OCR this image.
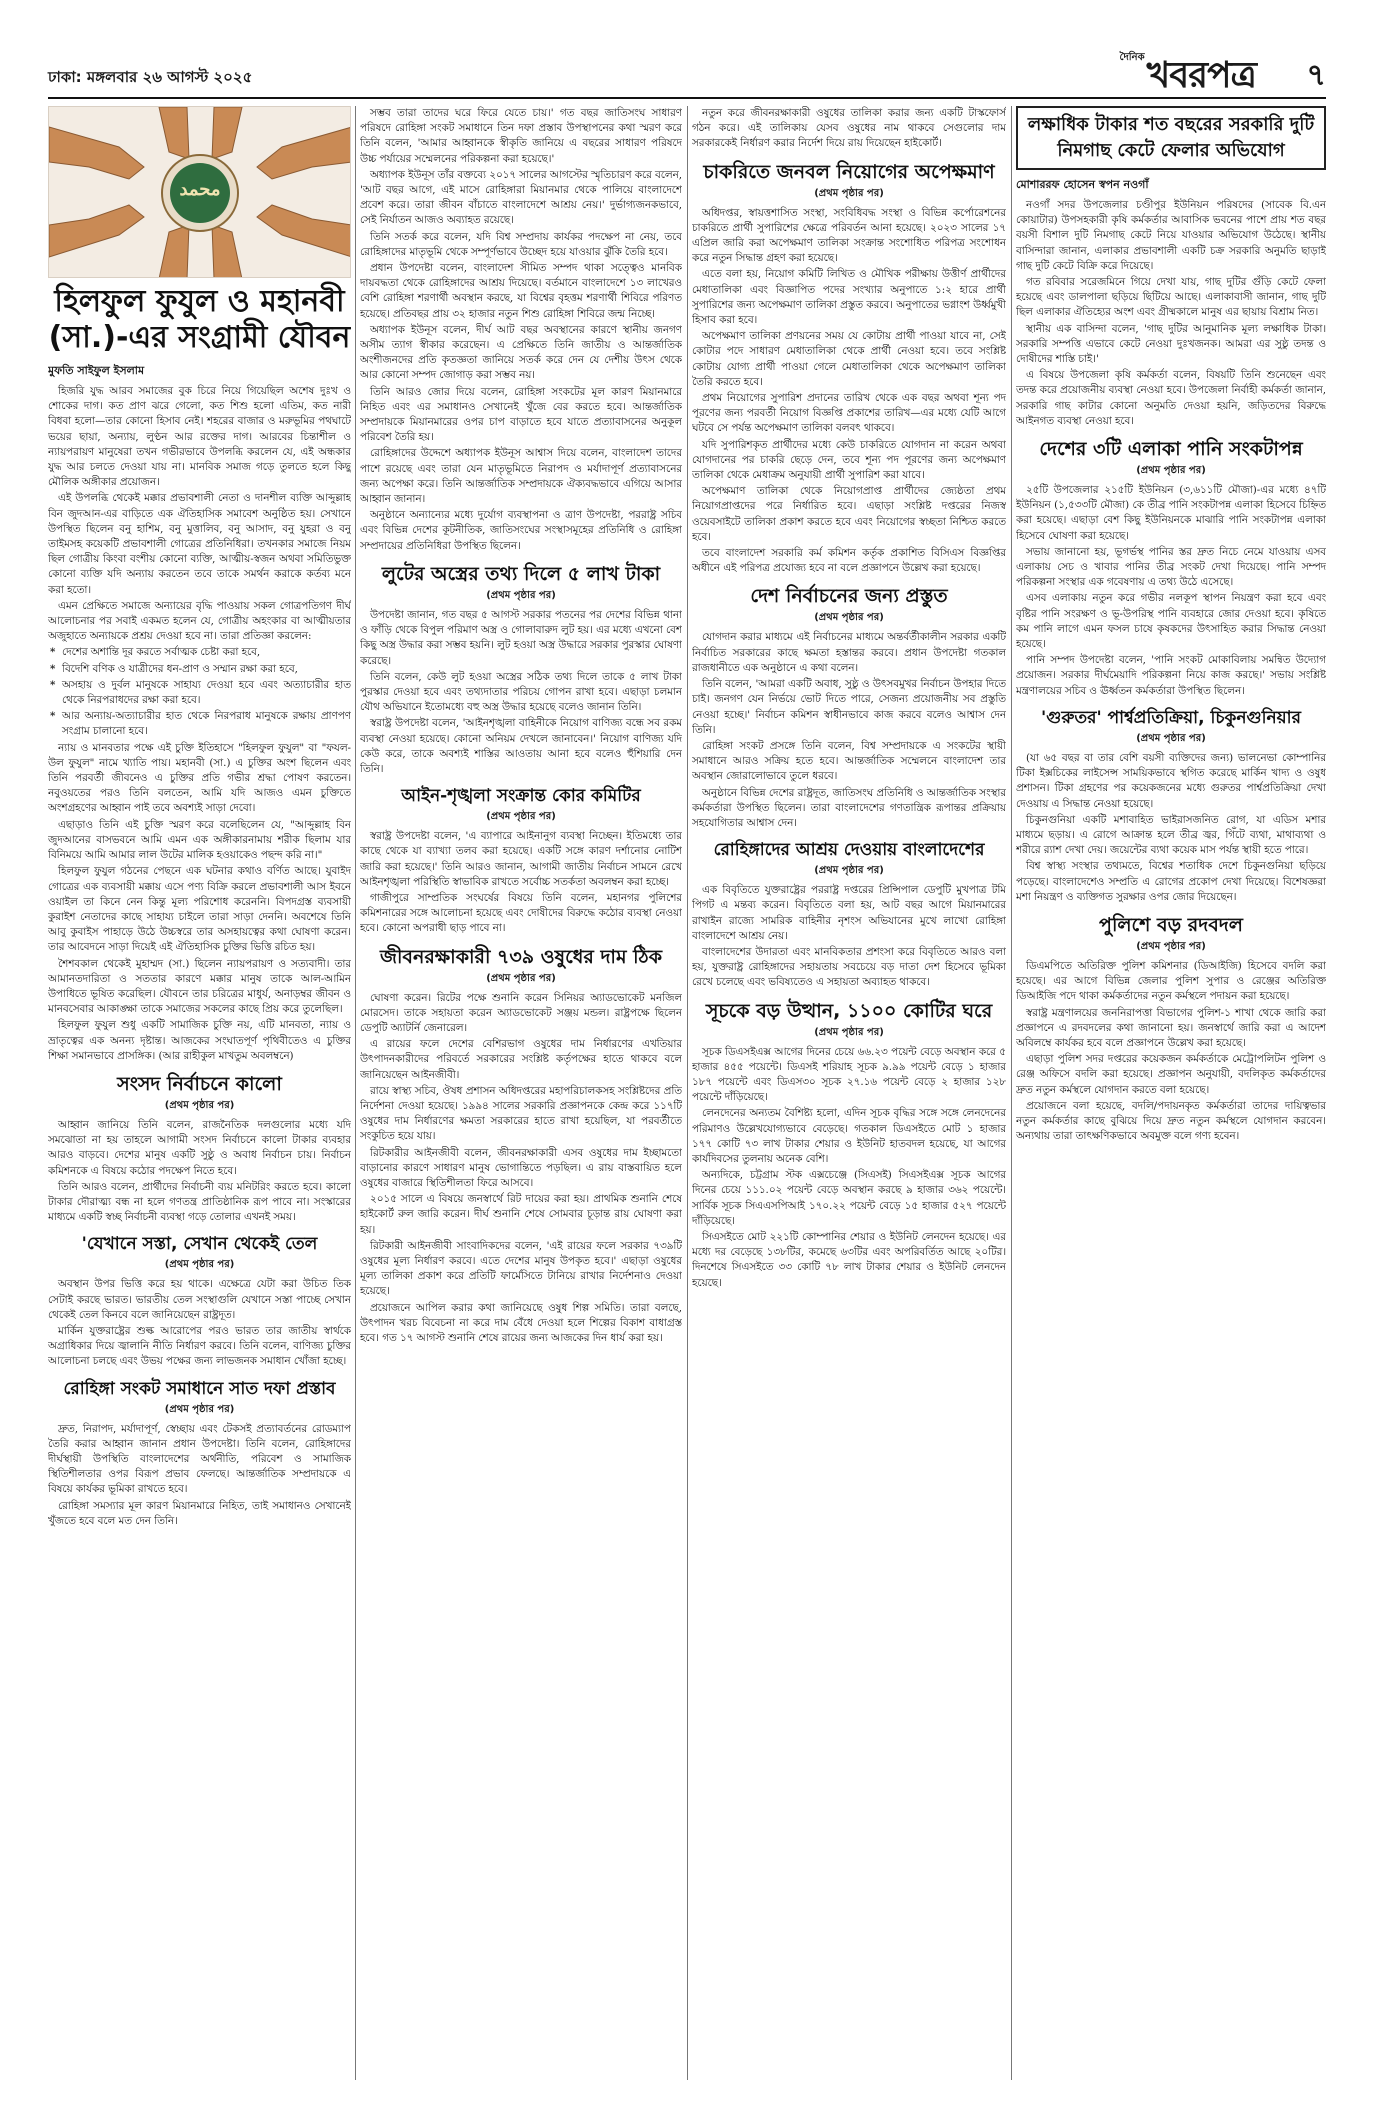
ঢাকা: মঙ্গলবার ২৬ আগস্ট ২০২৫
দৈনিক খবরপত্র ৭
محمد
হিলফুল ফুযুল ও মহানবী (সা.)-এর সংগ্রামী যৌবন
মুফতি সাইফুল ইসলাম

হিজরি যুদ্ধ আরব সমাজের বুক চিরে নিয়ে গিয়েছিল অশেষ দুঃখ ও শোকের দাগ। কত প্রাণ ঝরে গেলো, কত শিশু হলো এতিম, কত নারী বিধবা হলো—তার কোনো হিসাব নেই। শহরের বাজার ও মরুভূমির পথঘাটে ভয়ের ছায়া, অন্যায়, লুণ্ঠন আর রক্তের দাগ। আরবের চিন্তাশীল ও ন্যায়পরায়ণ মানুষেরা তখন গভীরভাবে উপলব্ধি করলেন যে, এই অন্ধকার যুদ্ধ আর চলতে দেওয়া যায় না। মানবিক সমাজ গড়ে তুলতে হলে কিছু মৌলিক অঙ্গীকার প্রয়োজন।

এই উপলব্ধি থেকেই মক্কার প্রভাবশালী নেতা ও দানশীল ব্যক্তি আব্দুল্লাহ বিন জুদআন-এর বাড়িতে এক ঐতিহাসিক সমাবেশ অনুষ্ঠিত হয়। সেখানে উপস্থিত ছিলেন বনু হাশিম, বনু মুত্তালিব, বনু আসাদ, বনু যুহরা ও বনু তাইমসহ কয়েকটি প্রভাবশালী গোত্রের প্রতিনিধিরা। তখনকার সমাজে নিয়ম ছিল গোত্রীয় কিংবা বংশীয় কোনো ব্যক্তি, আত্মীয়-স্বজন অথবা সমিতিভুক্ত কোনো ব্যক্তি যদি অন্যায় করতেন তবে তাকে সমর্থন করাকে কর্তব্য মনে করা হতো।

এমন প্রেক্ষিতে সমাজে অন্যায়ের বৃদ্ধি পাওয়ায় সকল গোত্রপতিগণ দীর্ঘ আলোচনার পর সবাই একমত হলেন যে, গোত্রীয় অহংকার বা আত্মীয়তার অজুহাতে অন্যায়কে প্রশ্রয় দেওয়া হবে না। তারা প্রতিজ্ঞা করলেন:

* দেশের অশান্তি দূর করতে সর্বাত্মক চেষ্টা করা হবে,

* বিদেশি বণিক ও যাত্রীদের ধন-প্রাণ ও সম্মান রক্ষা করা হবে,

* অসহায় ও দুর্বল মানুষকে সাহায্য দেওয়া হবে এবং অত্যাচারীর হাত থেকে নিরপরাধদের রক্ষা করা হবে।

* আর অন্যায়-অত্যাচারীর হাত থেকে নিরপরাধ মানুষকে রক্ষায় প্রাণপণ সংগ্রাম চালানো হবে।

ন্যায় ও মানবতার পক্ষে এই চুক্তি ইতিহাসে "হিলফুল ফুযুল" বা "ফযল-উল ফুযুল" নামে খ্যাতি পায়। মহানবী (সা.) এ চুক্তির অংশ ছিলেন এবং তিনি পরবর্তী জীবনেও এ চুক্তির প্রতি গভীর শ্রদ্ধা পোষণ করতেন। নবুওয়তের পরও তিনি বলতেন, আমি যদি আজও এমন চুক্তিতে অংশগ্রহণের আহ্বান পাই তবে অবশ্যই সাড়া দেবো।

এছাড়াও তিনি এই চুক্তি স্মরণ করে বলেছিলেন যে, "আব্দুল্লাহ বিন জুদআনের বাসভবনে আমি এমন এক অঙ্গীকারনামায় শরীক ছিলাম যার বিনিময়ে আমি আমার লাল উটের মালিক হওয়াকেও পছন্দ করি না।"

হিলফুল ফুযুল গঠনের পেছনে এক ঘটনার কথাও বর্ণিত আছে। যুবাইদ গোত্রের এক ব্যবসায়ী মক্কায় এসে পণ্য বিক্রি করলে প্রভাবশালী আস ইবনে ওয়াইল তা কিনে নেন কিন্তু মূল্য পরিশোধ করেননি। বিপদগ্রস্ত ব্যবসায়ী কুরাইশ নেতাদের কাছে সাহায্য চাইলে তারা সাড়া দেননি। অবশেষে তিনি আবু কুবাইস পাহাড়ে উঠে উচ্চস্বরে তার অসহায়ত্বের কথা ঘোষণা করেন। তার আবেদনে সাড়া দিয়েই এই ঐতিহাসিক চুক্তির ভিত্তি রচিত হয়।

শৈশবকাল থেকেই মুহাম্মদ (সা.) ছিলেন ন্যায়পরায়ণ ও সত্যবাদী। তার আমানতদারিতা ও সততার কারণে মক্কার মানুষ তাকে আল-আমিন উপাধিতে ভূষিত করেছিল। যৌবনে তার চরিত্রের মাধুর্য, অনাড়ম্বর জীবন ও মানবসেবার আকাঙ্ক্ষা তাকে সমাজের সকলের কাছে প্রিয় করে তুলেছিল।

হিলফুল ফুযুল শুধু একটি সামাজিক চুক্তি নয়, এটি মানবতা, ন্যায় ও ভ্রাতৃত্বের এক অনন্য দৃষ্টান্ত। আজকের সংঘাতপূর্ণ পৃথিবীতেও এ চুক্তির শিক্ষা সমানভাবে প্রাসঙ্গিক। (আর রাহীকুল মাখতুম অবলম্বনে)

সংসদ নির্বাচনে কালো
(প্রথম পৃষ্ঠার পর)

আহ্বান জানিয়ে তিনি বলেন, রাজনৈতিক দলগুলোর মধ্যে যদি সমঝোতা না হয় তাহলে আগামী সংসদ নির্বাচনে কালো টাকার ব্যবহার আরও বাড়বে। দেশের মানুষ একটি সুষ্ঠু ও অবাধ নির্বাচন চায়। নির্বাচন কমিশনকে এ বিষয়ে কঠোর পদক্ষেপ নিতে হবে।

তিনি আরও বলেন, প্রার্থীদের নির্বাচনী ব্যয় মনিটরিং করতে হবে। কালো টাকার দৌরাত্ম্য বন্ধ না হলে গণতন্ত্র প্রাতিষ্ঠানিক রূপ পাবে না। সংস্কারের মাধ্যমে একটি স্বচ্ছ নির্বাচনী ব্যবস্থা গড়ে তোলার এখনই সময়।

'যেখানে সস্তা, সেখান থেকেই তেল
(প্রথম পৃষ্ঠার পর)

অবস্থান উপর ভিত্তি করে হয় থাকে। এক্ষেত্রে যেটা করা উচিত তিক সেটাই করছে ভারত। ভারতীয় তেল সংস্থাগুলি যেখানে সস্তা পাচ্ছে সেখান থেকেই তেল কিনবে বলে জানিয়েছেন রাষ্ট্রদূত।

মার্কিন যুক্তরাষ্ট্রের শুল্ক আরোপের পরও ভারত তার জাতীয় স্বার্থকে অগ্রাধিকার দিয়ে জ্বালানি নীতি নির্ধারণ করবে। তিনি বলেন, বাণিজ্য চুক্তির আলোচনা চলছে এবং উভয় পক্ষের জন্য লাভজনক সমাধান খোঁজা হচ্ছে।

রোহিঙ্গা সংকট সমাধানে সাত দফা প্রস্তাব
(প্রথম পৃষ্ঠার পর)

দ্রুত, নিরাপদ, মর্যাদাপূর্ণ, স্বেচ্ছায় এবং টেকসই প্রত্যাবর্তনের রোডম্যাপ তৈরি করার আহ্বান জানান প্রধান উপদেষ্টা। তিনি বলেন, রোহিঙ্গাদের দীর্ঘস্থায়ী উপস্থিতি বাংলাদেশের অর্থনীতি, পরিবেশ ও সামাজিক স্থিতিশীলতার ওপর বিরূপ প্রভাব ফেলছে। আন্তর্জাতিক সম্প্রদায়কে এ বিষয়ে কার্যকর ভূমিকা রাখতে হবে।

রোহিঙ্গা সমস্যার মূল কারণ মিয়ানমারে নিহিত, তাই সমাধানও সেখানেই খুঁজতে হবে বলে মত দেন তিনি।

সম্ভব তারা তাদের ঘরে ফিরে যেতে চায়।' গত বছর জাতিসংঘ সাধারণ পরিষদে রোহিঙ্গা সংকট সমাধানে তিন দফা প্রস্তাব উপস্থাপনের কথা স্মরণ করে তিনি বলেন, 'আমার আহ্বানকে স্বীকৃতি জানিয়ে এ বছরের সাধারণ পরিষদে উচ্চ পর্যায়ের সম্মেলনের পরিকল্পনা করা হয়েছে।'

অধ্যাপক ইউনূস তাঁর বক্তব্যে ২০১৭ সালের আগস্টের স্মৃতিচারণ করে বলেন, 'আট বছর আগে, এই মাসে রোহিঙ্গারা মিয়ানমার থেকে পালিয়ে বাংলাদেশে প্রবেশ করে। তারা জীবন বাঁচাতে বাংলাদেশে আশ্রয় নেয়।' দুর্ভাগ্যজনকভাবে, সেই নির্যাতন আজও অব্যাহত রয়েছে।

তিনি সতর্ক করে বলেন, যদি বিশ্ব সম্প্রদায় কার্যকর পদক্ষেপ না নেয়, তবে রোহিঙ্গাদের মাতৃভূমি থেকে সম্পূর্ণভাবে উচ্ছেদ হয়ে যাওয়ার ঝুঁকি তৈরি হবে।

প্রধান উপদেষ্টা বলেন, বাংলাদেশ সীমিত সম্পদ থাকা সত্ত্বেও মানবিক দায়বদ্ধতা থেকে রোহিঙ্গাদের আশ্রয় দিয়েছে। বর্তমানে বাংলাদেশে ১৩ লাখেরও বেশি রোহিঙ্গা শরণার্থী অবস্থান করছে, যা বিশ্বের বৃহত্তম শরণার্থী শিবিরে পরিণত হয়েছে। প্রতিবছর প্রায় ৩২ হাজার নতুন শিশু রোহিঙ্গা শিবিরে জন্ম নিচ্ছে।

অধ্যাপক ইউনূস বলেন, দীর্ঘ আট বছর অবস্থানের কারণে স্থানীয় জনগণ অসীম ত্যাগ স্বীকার করেছেন। এ প্রেক্ষিতে তিনি জাতীয় ও আন্তর্জাতিক অংশীজনদের প্রতি কৃতজ্ঞতা জানিয়ে সতর্ক করে দেন যে দেশীয় উৎস থেকে আর কোনো সম্পদ জোগাড় করা সম্ভব নয়।

তিনি আরও জোর দিয়ে বলেন, রোহিঙ্গা সংকটের মূল কারণ মিয়ানমারে নিহিত এবং এর সমাধানও সেখানেই খুঁজে বের করতে হবে। আন্তর্জাতিক সম্প্রদায়কে মিয়ানমারের ওপর চাপ বাড়াতে হবে যাতে প্রত্যাবাসনের অনুকূল পরিবেশ তৈরি হয়।

রোহিঙ্গাদের উদ্দেশে অধ্যাপক ইউনূস আশ্বাস দিয়ে বলেন, বাংলাদেশ তাদের পাশে রয়েছে এবং তারা যেন মাতৃভূমিতে নিরাপদ ও মর্যাদাপূর্ণ প্রত্যাবাসনের জন্য অপেক্ষা করে। তিনি আন্তর্জাতিক সম্প্রদায়কে ঐক্যবদ্ধভাবে এগিয়ে আসার আহ্বান জানান।

অনুষ্ঠানে অন্যান্যের মধ্যে দুর্যোগ ব্যবস্থাপনা ও ত্রাণ উপদেষ্টা, পররাষ্ট্র সচিব এবং বিভিন্ন দেশের কূটনীতিক, জাতিসংঘের সংস্থাসমূহের প্রতিনিধি ও রোহিঙ্গা সম্প্রদায়ের প্রতিনিধিরা উপস্থিত ছিলেন।

লুটের অস্ত্রের তথ্য দিলে ৫ লাখ টাকা
(প্রথম পৃষ্ঠার পর)

উপদেষ্টা জানান, গত বছর ৫ আগস্ট সরকার পতনের পর দেশের বিভিন্ন থানা ও ফাঁড়ি থেকে বিপুল পরিমাণ অস্ত্র ও গোলাবারুদ লুট হয়। এর মধ্যে এখনো বেশ কিছু অস্ত্র উদ্ধার করা সম্ভব হয়নি। লুট হওয়া অস্ত্র উদ্ধারে সরকার পুরস্কার ঘোষণা করেছে।

তিনি বলেন, কেউ লুট হওয়া অস্ত্রের সঠিক তথ্য দিলে তাকে ৫ লাখ টাকা পুরস্কার দেওয়া হবে এবং তথ্যদাতার পরিচয় গোপন রাখা হবে। এছাড়া চলমান যৌথ অভিযানে ইতোমধ্যে বহু অস্ত্র উদ্ধার হয়েছে বলেও জানান তিনি।

স্বরাষ্ট্র উপদেষ্টা বলেন, 'আইনশৃঙ্খলা বাহিনীকে নিয়োগ বাণিজ্য বন্ধে সব রকম ব্যবস্থা নেওয়া হয়েছে। কোনো অনিয়ম দেখলে জানাবেন।' নিয়োগ বাণিজ্য যদি কেউ করে, তাকে অবশ্যই শাস্তির আওতায় আনা হবে বলেও হুঁশিয়ারি দেন তিনি।

আইন-শৃঙ্খলা সংক্রান্ত কোর কমিটির
(প্রথম পৃষ্ঠার পর)

স্বরাষ্ট্র উপদেষ্টা বলেন, 'এ ব্যাপারে আইনানুগ ব্যবস্থা নিচ্ছেন। ইতিমধ্যে তার কাছে থেকে যা ব্যাখ্যা তলব করা হয়েছে। একটি সঙ্গে কারণ দর্শানোর নোটিশ জারি করা হয়েছে।' তিনি আরও জানান, আগামী জাতীয় নির্বাচন সামনে রেখে আইনশৃঙ্খলা পরিস্থিতি স্বাভাবিক রাখতে সর্বোচ্চ সতর্কতা অবলম্বন করা হচ্ছে।

গাজীপুরে সাম্প্রতিক সংঘর্ষের বিষয়ে তিনি বলেন, মহানগর পুলিশের কমিশনারের সঙ্গে আলোচনা হয়েছে এবং দোষীদের বিরুদ্ধে কঠোর ব্যবস্থা নেওয়া হবে। কোনো অপরাধী ছাড় পাবে না।

জীবনরক্ষাকারী ৭৩৯ ওষুধের দাম ঠিক
(প্রথম পৃষ্ঠার পর)

ঘোষণা করেন। রিটের পক্ষে শুনানি করেন সিনিয়র অ্যাডভোকেট মনজিল মোরসেদ। তাকে সহায়তা করেন অ্যাডভোকেট সঞ্জয় মন্ডল। রাষ্ট্রপক্ষে ছিলেন ডেপুটি অ্যাটর্নি জেনারেল।

এ রায়ের ফলে দেশের বেশিরভাগ ওষুধের দাম নির্ধারণের এখতিয়ার উৎপাদনকারীদের পরিবর্তে সরকারের সংশ্লিষ্ট কর্তৃপক্ষের হাতে থাকবে বলে জানিয়েছেন আইনজীবী।

রায়ে স্বাস্থ্য সচিব, ঔষধ প্রশাসন অধিদপ্তরের মহাপরিচালকসহ সংশ্লিষ্টদের প্রতি নির্দেশনা দেওয়া হয়েছে। ১৯৯৪ সালের সরকারি প্রজ্ঞাপনকে কেন্দ্র করে ১১৭টি ওষুধের দাম নির্ধারণের ক্ষমতা সরকারের হাতে রাখা হয়েছিল, যা পরবর্তীতে সংকুচিত হয়ে যায়।

রিটকারীর আইনজীবী বলেন, জীবনরক্ষাকারী এসব ওষুধের দাম ইচ্ছামতো বাড়ানোর কারণে সাধারণ মানুষ ভোগান্তিতে পড়ছিল। এ রায় বাস্তবায়িত হলে ওষুধের বাজারে স্থিতিশীলতা ফিরে আসবে।

২০১৫ সালে এ বিষয়ে জনস্বার্থে রিট দায়ের করা হয়। প্রাথমিক শুনানি শেষে হাইকোর্ট রুল জারি করেন। দীর্ঘ শুনানি শেষে সোমবার চূড়ান্ত রায় ঘোষণা করা হয়।

রিটকারী আইনজীবী সাংবাদিকদের বলেন, 'এই রায়ের ফলে সরকার ৭৩৯টি ওষুধের মূল্য নির্ধারণ করবে। এতে দেশের মানুষ উপকৃত হবে।' এছাড়া ওষুধের মূল্য তালিকা প্রকাশ করে প্রতিটি ফার্মেসিতে টানিয়ে রাখার নির্দেশনাও দেওয়া হয়েছে।

প্রয়োজনে আপিল করার কথা জানিয়েছে ওষুধ শিল্প সমিতি। তারা বলছে, উৎপাদন খরচ বিবেচনা না করে দাম বেঁধে দেওয়া হলে শিল্পের বিকাশ বাধাগ্রস্ত হবে। গত ১৭ আগস্ট শুনানি শেষে রায়ের জন্য আজকের দিন ধার্য করা হয়।

নতুন করে জীবনরক্ষাকারী ওষুধের তালিকা করার জন্য একটি টাস্কফোর্স গঠন করে। এই তালিকায় যেসব ওষুধের নাম থাকবে সেগুলোর দাম সরকারকেই নির্ধারণ করার নির্দেশ দিয়ে রায় দিয়েছেন হাইকোর্ট।

চাকরিতে জনবল নিয়োগের অপেক্ষমাণ
(প্রথম পৃষ্ঠার পর)

অধিদপ্তর, স্বায়ত্তশাসিত সংস্থা, সংবিধিবদ্ধ সংস্থা ও বিভিন্ন কর্পোরেশনের চাকরিতে প্রার্থী সুপারিশের ক্ষেত্রে পরিবর্তন আনা হয়েছে। ২০২৩ সালের ১৭ এপ্রিল জারি করা অপেক্ষমাণ তালিকা সংক্রান্ত সংশোধিত পরিপত্র সংশোধন করে নতুন সিদ্ধান্ত গ্রহণ করা হয়েছে।

এতে বলা হয়, নিয়োগ কমিটি লিখিত ও মৌখিক পরীক্ষায় উত্তীর্ণ প্রার্থীদের মেধাতালিকা এবং বিজ্ঞাপিত পদের সংখ্যার অনুপাতে ১:২ হারে প্রার্থী সুপারিশের জন্য অপেক্ষমাণ তালিকা প্রস্তুত করবে। অনুপাতের ভগ্নাংশ উর্ধ্বমুখী হিসাব করা হবে।

অপেক্ষমাণ তালিকা প্রণয়নের সময় যে কোটায় প্রার্থী পাওয়া যাবে না, সেই কোটার পদে সাধারণ মেধাতালিকা থেকে প্রার্থী নেওয়া হবে। তবে সংশ্লিষ্ট কোটায় যোগ্য প্রার্থী পাওয়া গেলে মেধাতালিকা থেকে অপেক্ষমাণ তালিকা তৈরি করতে হবে।

প্রথম নিয়োগের সুপারিশ প্রদানের তারিখ থেকে এক বছর অথবা শূন্য পদ পূরণের জন্য পরবর্তী নিয়োগ বিজ্ঞপ্তি প্রকাশের তারিখ—এর মধ্যে যেটি আগে ঘটবে সে পর্যন্ত অপেক্ষমাণ তালিকা বলবৎ থাকবে।

যদি সুপারিশকৃত প্রার্থীদের মধ্যে কেউ চাকরিতে যোগদান না করেন অথবা যোগদানের পর চাকরি ছেড়ে দেন, তবে শূন্য পদ পূরণের জন্য অপেক্ষমাণ তালিকা থেকে মেধাক্রম অনুযায়ী প্রার্থী সুপারিশ করা যাবে।

অপেক্ষমাণ তালিকা থেকে নিয়োগপ্রাপ্ত প্রার্থীদের জ্যেষ্ঠতা প্রথম নিয়োগপ্রাপ্তদের পরে নির্ধারিত হবে। এছাড়া সংশ্লিষ্ট দপ্তরের নিজস্ব ওয়েবসাইটে তালিকা প্রকাশ করতে হবে এবং নিয়োগের স্বচ্ছতা নিশ্চিত করতে হবে।

তবে বাংলাদেশ সরকারি কর্ম কমিশন কর্তৃক প্রকাশিত বিসিএস বিজ্ঞপ্তির অধীনে এই পরিপত্র প্রযোজ্য হবে না বলে প্রজ্ঞাপনে উল্লেখ করা হয়েছে।

দেশ নির্বাচনের জন্য প্রস্তুত
(প্রথম পৃষ্ঠার পর)

যোগদান করার মাধ্যমে এই নির্বাচনের মাধ্যমে অন্তর্বর্তীকালীন সরকার একটি নির্বাচিত সরকারের কাছে ক্ষমতা হস্তান্তর করবে। প্রধান উপদেষ্টা গতকাল রাজধানীতে এক অনুষ্ঠানে এ কথা বলেন।

তিনি বলেন, 'আমরা একটি অবাধ, সুষ্ঠু ও উৎসবমুখর নির্বাচন উপহার দিতে চাই। জনগণ যেন নির্ভয়ে ভোট দিতে পারে, সেজন্য প্রয়োজনীয় সব প্রস্তুতি নেওয়া হচ্ছে।' নির্বাচন কমিশন স্বাধীনভাবে কাজ করবে বলেও আশ্বাস দেন তিনি।

রোহিঙ্গা সংকট প্রসঙ্গে তিনি বলেন, বিশ্ব সম্প্রদায়কে এ সংকটের স্থায়ী সমাধানে আরও সক্রিয় হতে হবে। আন্তর্জাতিক সম্মেলনে বাংলাদেশ তার অবস্থান জোরালোভাবে তুলে ধরবে।

অনুষ্ঠানে বিভিন্ন দেশের রাষ্ট্রদূত, জাতিসংঘ প্রতিনিধি ও আন্তর্জাতিক সংস্থার কর্মকর্তারা উপস্থিত ছিলেন। তারা বাংলাদেশের গণতান্ত্রিক রূপান্তর প্রক্রিয়ায় সহযোগিতার আশ্বাস দেন।

রোহিঙ্গাদের আশ্রয় দেওয়ায় বাংলাদেশের
(প্রথম পৃষ্ঠার পর)

এক বিবৃতিতে যুক্তরাষ্ট্রের পররাষ্ট্র দপ্তরের প্রিন্সিপাল ডেপুটি মুখপাত্র টমি পিগট এ মন্তব্য করেন। বিবৃতিতে বলা হয়, আট বছর আগে মিয়ানমারের রাখাইন রাজ্যে সামরিক বাহিনীর নৃশংস অভিযানের মুখে লাখো রোহিঙ্গা বাংলাদেশে আশ্রয় নেয়।

বাংলাদেশের উদারতা এবং মানবিকতার প্রশংসা করে বিবৃতিতে আরও বলা হয়, যুক্তরাষ্ট্র রোহিঙ্গাদের সহায়তায় সবচেয়ে বড় দাতা দেশ হিসেবে ভূমিকা রেখে চলেছে এবং ভবিষ্যতেও এ সহায়তা অব্যাহত থাকবে।

সূচকে বড় উত্থান, ১১০০ কোটির ঘরে
(প্রথম পৃষ্ঠার পর)

সূচক ডিএসইএক্স আগের দিনের চেয়ে ৬৬.২৩ পয়েন্ট বেড়ে অবস্থান করে ৫ হাজার ৪৫৫ পয়েন্টে। ডিএসই শরিয়াহ সূচক ৯.৯৯ পয়েন্ট বেড়ে ১ হাজার ১৮৭ পয়েন্টে এবং ডিএস৩০ সূচক ২৭.১৬ পয়েন্ট বেড়ে ২ হাজার ১২৮ পয়েন্টে দাঁড়িয়েছে।

লেনদেনের অন্যতম বৈশিষ্ট্য হলো, এদিন সূচক বৃদ্ধির সঙ্গে সঙ্গে লেনদেনের পরিমাণও উল্লেখযোগ্যভাবে বেড়েছে। গতকাল ডিএসইতে মোট ১ হাজার ১৭৭ কোটি ৭৩ লাখ টাকার শেয়ার ও ইউনিট হাতবদল হয়েছে, যা আগের কার্যদিবসের তুলনায় অনেক বেশি।

অন্যদিকে, চট্টগ্রাম স্টক এক্সচেঞ্জে (সিএসই) সিএসইএক্স সূচক আগের দিনের চেয়ে ১১১.০২ পয়েন্ট বেড়ে অবস্থান করছে ৯ হাজার ৩৬২ পয়েন্টে। সার্বিক সূচক সিএএসপিআই ১৭০.২২ পয়েন্ট বেড়ে ১৫ হাজার ৫২৭ পয়েন্টে দাঁড়িয়েছে।

সিএসইতে মোট ২২১টি কোম্পানির শেয়ার ও ইউনিট লেনদেন হয়েছে। এর মধ্যে দর বেড়েছে ১৩৮টির, কমেছে ৬৩টির এবং অপরিবর্তিত আছে ২০টির। দিনশেষে সিএসইতে ৩৩ কোটি ৭৮ লাখ টাকার শেয়ার ও ইউনিট লেনদেন হয়েছে।

লক্ষাধিক টাকার শত বছরের সরকারি দুটি নিমগাছ কেটে ফেলার অভিযোগ
মোশাররফ হোসেন স্বপন নওগাঁ

নওগাঁ সদর উপজেলার চণ্ডীপুর ইউনিয়ন পরিষদের (সাবেক বি.এন কোয়াটার) উপসহকারী কৃষি কর্মকর্তার আবাসিক ভবনের পাশে প্রায় শত বছর বয়সী বিশাল দুটি নিমগাছ কেটে নিয়ে যাওয়ার অভিযোগ উঠেছে। স্থানীয় বাসিন্দারা জানান, এলাকার প্রভাবশালী একটি চক্র সরকারি অনুমতি ছাড়াই গাছ দুটি কেটে বিক্রি করে দিয়েছে।

গত রবিবার সরেজমিনে গিয়ে দেখা যায়, গাছ দুটির গুঁড়ি কেটে ফেলা হয়েছে এবং ডালপালা ছড়িয়ে ছিটিয়ে আছে। এলাকাবাসী জানান, গাছ দুটি ছিল এলাকার ঐতিহ্যের অংশ এবং গ্রীষ্মকালে মানুষ এর ছায়ায় বিশ্রাম নিত।

স্থানীয় এক বাসিন্দা বলেন, 'গাছ দুটির আনুমানিক মূল্য লক্ষাধিক টাকা। সরকারি সম্পত্তি এভাবে কেটে নেওয়া দুঃখজনক। আমরা এর সুষ্ঠু তদন্ত ও দোষীদের শাস্তি চাই।'

এ বিষয়ে উপজেলা কৃষি কর্মকর্তা বলেন, বিষয়টি তিনি শুনেছেন এবং তদন্ত করে প্রয়োজনীয় ব্যবস্থা নেওয়া হবে। উপজেলা নির্বাহী কর্মকর্তা জানান, সরকারি গাছ কাটার কোনো অনুমতি দেওয়া হয়নি, জড়িতদের বিরুদ্ধে আইনগত ব্যবস্থা নেওয়া হবে।

দেশের ৩টি এলাকা পানি সংকটাপন্ন
(প্রথম পৃষ্ঠার পর)

২৫টি উপজেলার ২১৫টি ইউনিয়ন (৩,৬১১টি মৌজা)-এর মধ্যে ৪৭টি ইউনিয়ন (১,৫৩৩টি মৌজা) কে তীব্র পানি সংকটাপন্ন এলাকা হিসেবে চিহ্নিত করা হয়েছে। এছাড়া বেশ কিছু ইউনিয়নকে মাঝারি পানি সংকটাপন্ন এলাকা হিসেবে ঘোষণা করা হয়েছে।

সভায় জানানো হয়, ভূগর্ভস্থ পানির স্তর দ্রুত নিচে নেমে যাওয়ায় এসব এলাকায় সেচ ও খাবার পানির তীব্র সংকট দেখা দিয়েছে। পানি সম্পদ পরিকল্পনা সংস্থার এক গবেষণায় এ তথ্য উঠে এসেছে।

এসব এলাকায় নতুন করে গভীর নলকূপ স্থাপন নিয়ন্ত্রণ করা হবে এবং বৃষ্টির পানি সংরক্ষণ ও ভূ-উপরিস্থ পানি ব্যবহারে জোর দেওয়া হবে। কৃষিতে কম পানি লাগে এমন ফসল চাষে কৃষকদের উৎসাহিত করার সিদ্ধান্ত নেওয়া হয়েছে।

পানি সম্পদ উপদেষ্টা বলেন, 'পানি সংকট মোকাবিলায় সমন্বিত উদ্যোগ প্রয়োজন। সরকার দীর্ঘমেয়াদি পরিকল্পনা নিয়ে কাজ করছে।' সভায় সংশ্লিষ্ট মন্ত্রণালয়ের সচিব ও ঊর্ধ্বতন কর্মকর্তারা উপস্থিত ছিলেন।

'গুরুতর' পার্শ্বপ্রতিক্রিয়া, চিকুনগুনিয়ার
(প্রথম পৃষ্ঠার পর)

(যা ৬৫ বছর বা তার বেশি বয়সী ব্যক্তিদের জন্য) ভালনেভা কোম্পানির টিকা ইক্সচিকের লাইসেন্স সাময়িকভাবে স্থগিত করেছে মার্কিন খাদ্য ও ওষুধ প্রশাসন। টিকা গ্রহণের পর কয়েকজনের মধ্যে গুরুতর পার্শ্বপ্রতিক্রিয়া দেখা দেওয়ায় এ সিদ্ধান্ত নেওয়া হয়েছে।

চিকুনগুনিয়া একটি মশাবাহিত ভাইরাসজনিত রোগ, যা এডিস মশার মাধ্যমে ছড়ায়। এ রোগে আক্রান্ত হলে তীব্র জ্বর, গিঁটে ব্যথা, মাথাব্যথা ও শরীরে র‍্যাশ দেখা দেয়। জয়েন্টের ব্যথা কয়েক মাস পর্যন্ত স্থায়ী হতে পারে।

বিশ্ব স্বাস্থ্য সংস্থার তথ্যমতে, বিশ্বের শতাধিক দেশে চিকুনগুনিয়া ছড়িয়ে পড়েছে। বাংলাদেশেও সম্প্রতি এ রোগের প্রকোপ দেখা দিয়েছে। বিশেষজ্ঞরা মশা নিয়ন্ত্রণ ও ব্যক্তিগত সুরক্ষার ওপর জোর দিয়েছেন।

পুলিশে বড় রদবদল
(প্রথম পৃষ্ঠার পর)

ডিএমপিতে অতিরিক্ত পুলিশ কমিশনার (ডিআইজি) হিসেবে বদলি করা হয়েছে। এর আগে বিভিন্ন জেলার পুলিশ সুপার ও রেঞ্জের অতিরিক্ত ডিআইজি পদে থাকা কর্মকর্তাদের নতুন কর্মস্থলে পদায়ন করা হয়েছে।

স্বরাষ্ট্র মন্ত্রণালয়ের জননিরাপত্তা বিভাগের পুলিশ-১ শাখা থেকে জারি করা প্রজ্ঞাপনে এ রদবদলের কথা জানানো হয়। জনস্বার্থে জারি করা এ আদেশ অবিলম্বে কার্যকর হবে বলে প্রজ্ঞাপনে উল্লেখ করা হয়েছে।

এছাড়া পুলিশ সদর দপ্তরের কয়েকজন কর্মকর্তাকে মেট্রোপলিটন পুলিশ ও রেঞ্জ অফিসে বদলি করা হয়েছে। প্রজ্ঞাপন অনুযায়ী, বদলিকৃত কর্মকর্তাদের দ্রুত নতুন কর্মস্থলে যোগদান করতে বলা হয়েছে।

প্রয়োজনে বলা হয়েছে, বদলি/পদায়নকৃত কর্মকর্তারা তাদের দায়িত্বভার নতুন কর্মকর্তার কাছে বুঝিয়ে দিয়ে দ্রুত নতুন কর্মস্থলে যোগদান করবেন। অন্যথায় তারা তাৎক্ষণিকভাবে অবমুক্ত বলে গণ্য হবেন।
